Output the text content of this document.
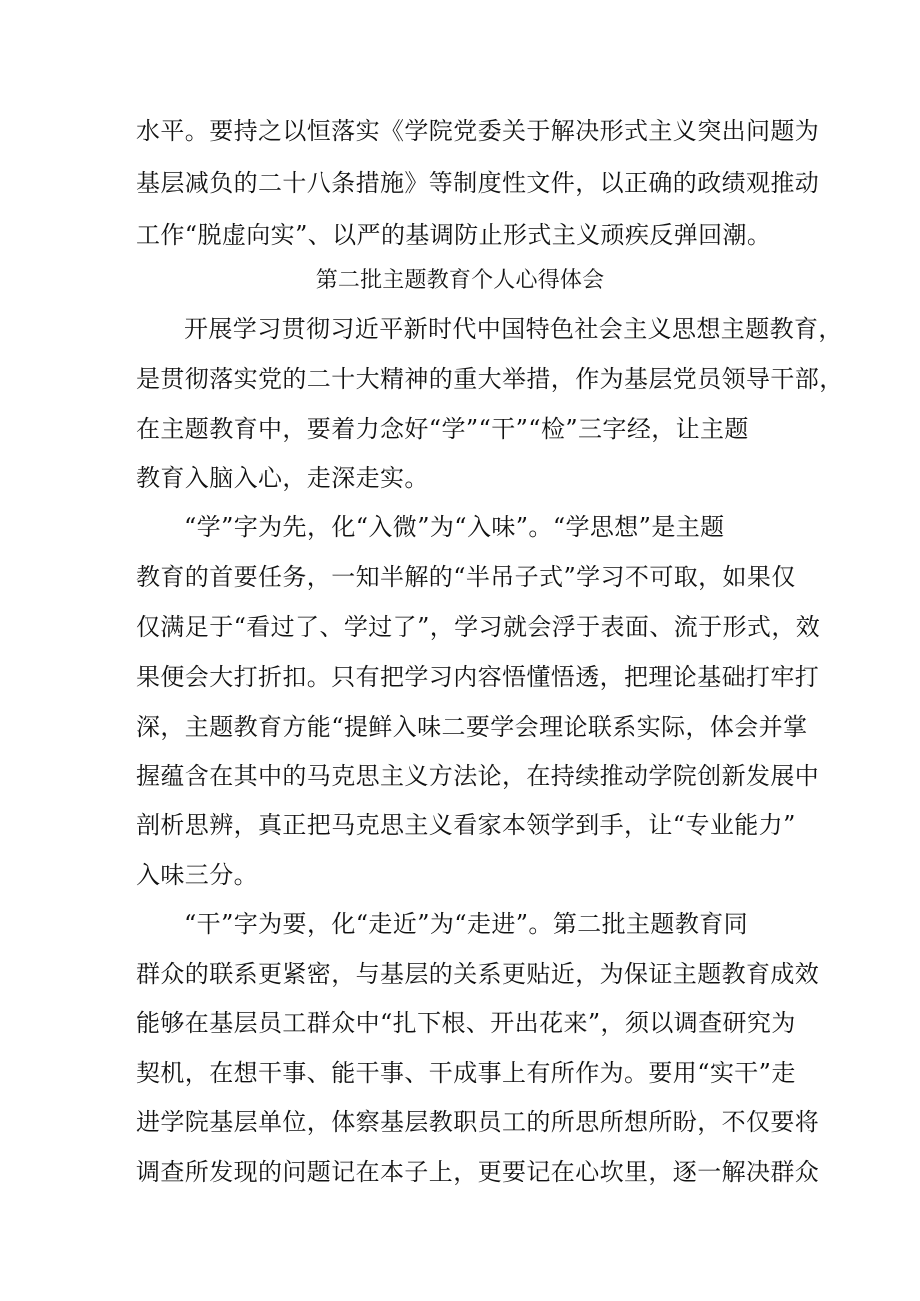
水平。要持之以恒落实《学院党委关于解决形式主义突出问题为
基层减负的二十八条措施》等制度性文件，以正确的政绩观推动
工作“脱虚向实”、以严的基调防止形式主义顽疾反弹回潮。
第二批主题教育个人心得体会
开展学习贯彻习近平新时代中国特色社会主义思想主题教育，
是贯彻落实党的二十大精神的重大举措，作为基层党员领导干部，
在主题教育中，要着力念好“学”“干”“检”三字经，让主题
教育入脑入心，走深走实。
“学”字为先，化“入微”为“入味”。“学思想”是主题
教育的首要任务，一知半解的“半吊子式”学习不可取，如果仅
仅满足于“看过了、学过了”，学习就会浮于表面、流于形式，效
果便会大打折扣。只有把学习内容悟懂悟透，把理论基础打牢打
深，主题教育方能“提鲜入味二要学会理论联系实际，体会并掌
握蕴含在其中的马克思主义方法论，在持续推动学院创新发展中
剖析思辨，真正把马克思主义看家本领学到手，让“专业能力”
入味三分。
“干”字为要，化“走近”为“走进”。第二批主题教育同
群众的联系更紧密，与基层的关系更贴近，为保证主题教育成效
能够在基层员工群众中“扎下根、开出花来”，须以调查研究为
契机，在想干事、能干事、干成事上有所作为。要用“实干”走
进学院基层单位，体察基层教职员工的所思所想所盼，不仅要将
调查所发现的问题记在本子上，更要记在心坎里，逐一解决群众
